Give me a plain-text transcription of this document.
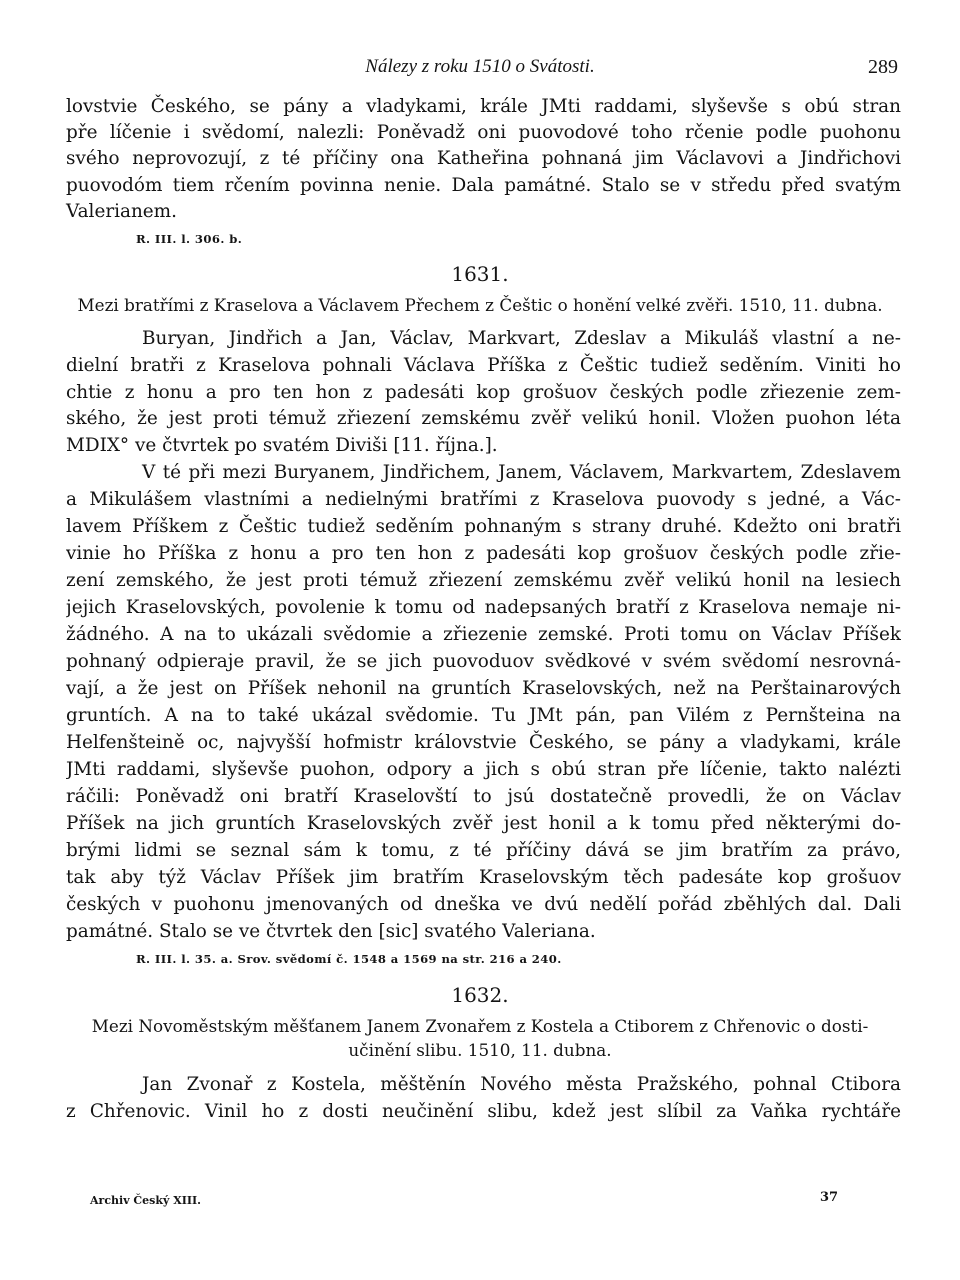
Nálezy z roku 1510 o Svátosti.	289

lovstvie Českého, se pány a vladykami, krále JMti raddami, slyševše s obú stran

pře líčenie i svědomí, nalezli: Poněvadž oni puovodové toho rčenie podle puohonu

svého neprovozují, z té příčiny ona Katheřina pohnaná jim Václavovi a Jindřichovi

puovodóm tiem rčením povinna nenie. Dala památné. Stalo se v středu před svatým

Valerianem.

R. III. l. 306. b.
1631.
Mezi bratřími z Kraselova a Václavem Přechem z Češtic o honění velké zvěři. 1510, 11. dubna.

Buryan, Jindřich a Jan, Václav, Markvart, Zdeslav a Mikuláš vlastní a ne-

dielní bratři z Kraselova pohnali Václava Příška z Češtic tudiež seděním. Viniti ho

chtie z honu a pro ten hon z padesáti kop grošuov českých podle zřiezenie zem-

ského, že jest proti témuž zřiezení zemskému zvěř velikú honil. Vložen puohon léta

MDIX° ve čtvrtek po svatém Diviši [11. října.].

V té při mezi Buryanem, Jindřichem, Janem, Václavem, Markvartem, Zdeslavem

a Mikulášem vlastními a nedielnými bratřími z Kraselova puovody s jedné, a Vác-

lavem Příškem z Češtic tudiež seděním pohnaným s strany druhé. Kdežto oni bratři

vinie ho Příška z honu a pro ten hon z padesáti kop grošuov českých podle zřie-

zení zemského, že jest proti témuž zřiezení zemskému zvěř velikú honil na lesiech

jejich Kraselovských, povolenie k tomu od nadepsaných bratří z Kraselova nemaje ni-

žádného. A na to ukázali svědomie a zřiezenie zemské. Proti tomu on Václav Příšek

pohnaný odpieraje pravil, že se jich puovoduov svědkové v svém svědomí nesrovná-

vají, a že jest on Příšek nehonil na gruntích Kraselovských, než na Perštainarových

gruntích. A na to také ukázal svědomie. Tu JMt pán, pan Vilém z Pernšteina na

Helfenšteině oc, najvyšší hofmistr královstvie Českého, se pány a vladykami, krále

JMti raddami, slyševše puohon, odpory a jich s obú stran pře líčenie, takto nalézti

ráčili: Poněvadž oni bratří Kraselovští to jsú dostatečně provedli, že on Václav

Příšek na jich gruntích Kraselovských zvěř jest honil a k tomu před některými do-

brými lidmi se seznal sám k tomu, z té příčiny dává se jim bratřím za právo,

tak aby týž Václav Příšek jim bratřím Kraselovským těch padesáte kop grošuov

českých v puohonu jmenovaných od dneška ve dvú nedělí pořád zběhlých dal. Dali

památné. Stalo se ve čtvrtek den [sic] svatého Valeriana.

R. III. l. 35. a. Srov. svědomí č. 1548 a 1569 na str. 216 a 240.
1632.
Mezi Novoměstským měšťanem Janem Zvonařem z Kostela a Ctiborem z Chřenovic o dosti-
učinění slibu. 1510, 11. dubna.

Jan Zvonař z Kostela, měštěnín Nového města Pražského, pohnal Ctibora

z Chřenovic. Vinil ho z dosti neučinění slibu, kdež jest slíbil za Vaňka rychtáře

Archiv Český XIII.	37
